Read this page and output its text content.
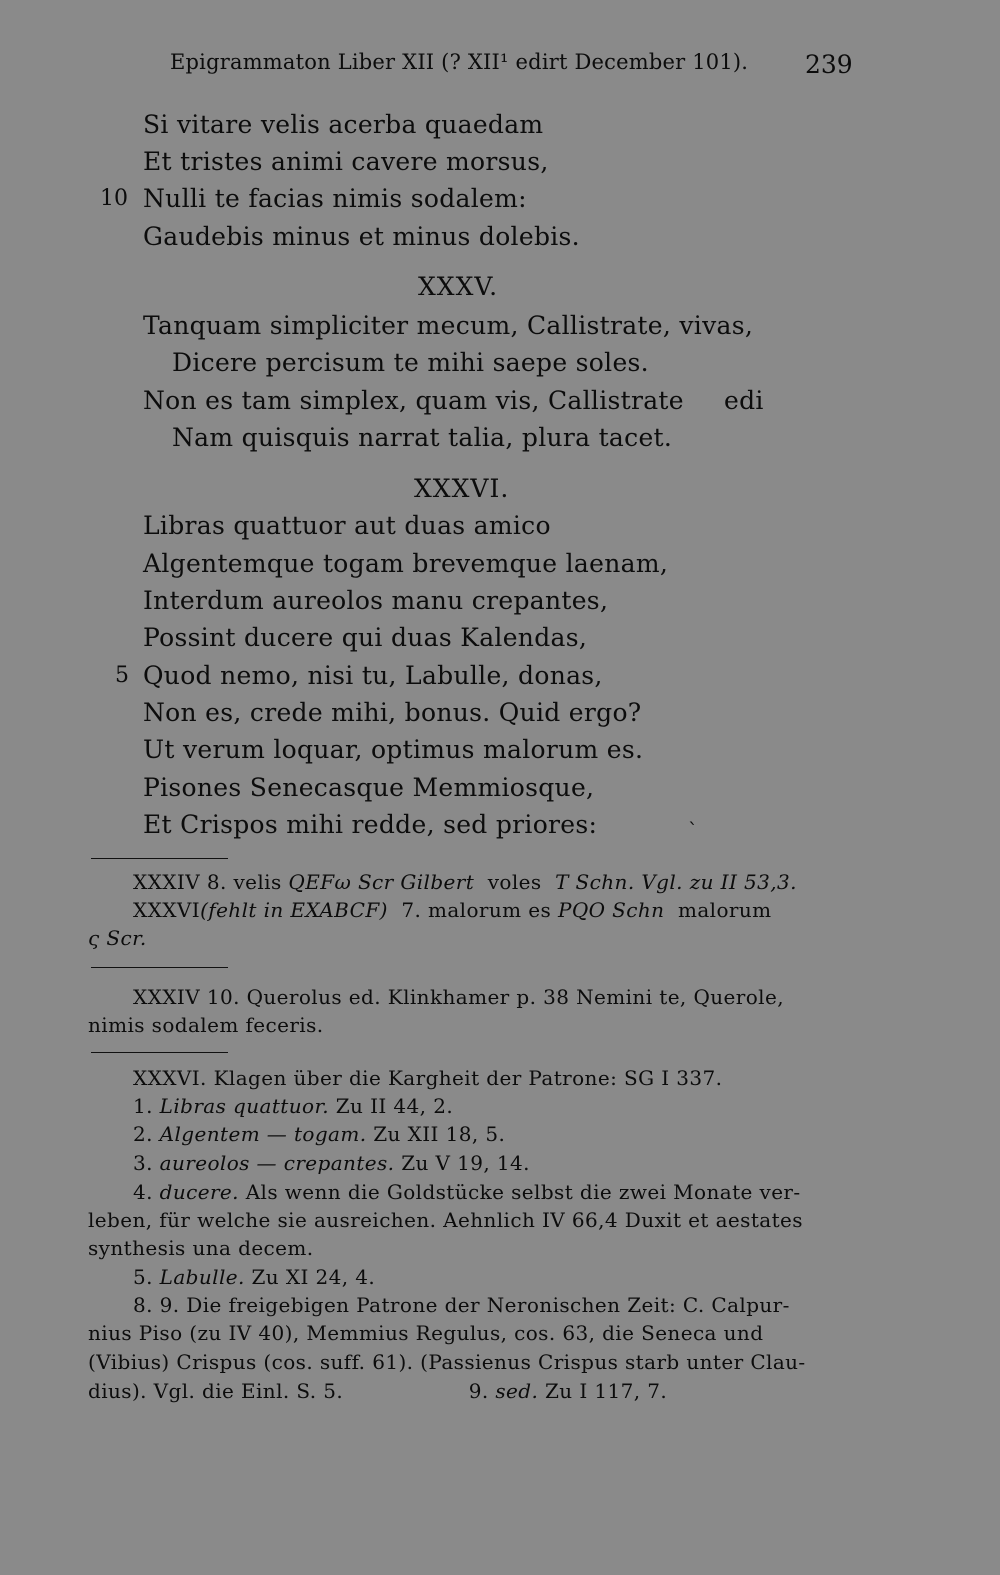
Epigrammaton Liber XII (? XII¹ edirt December 101). 239
Si vitare velis acerba quaedam
Et tristes animi cavere morsus,
10 Nulli te facias nimis sodalem:
Gaudebis minus et minus dolebis.
XXXV.
Tanquam simpliciter mecum, Callistrate, vivas,
Dicere percisum te mihi saepe soles.
Non es tam simplex, quam vis, Callistrate edi
Nam quisquis narrat talia, plura tacet.
XXXVI.
Libras quattuor aut duas amico
Algentemque togam brevemque laenam,
Interdum aureolos manu crepantes,
Possint ducere qui duas Kalendas,
5 Quod nemo, nisi tu, Labulle, donas,
Non es, crede mihi, bonus. Quid ergo?
Ut verum loquar, optimus malorum es.
Pisones Senecasque Memmiosque,
Et Crispos mihi redde, sed priores:
XXXIV 8. velis QEFω Scr Gilbert voles T Schn. Vgl. zu II 53,3.
XXXVI(fehlt in EXABCF) 7. malorum es PQO Schn malorum
ς Scr.
XXXIV 10. Querolus ed. Klinkhamer p. 38 Nemini te, Querole,
nimis sodalem feceris.
XXXVI. Klagen über die Kargheit der Patrone: SG I 337.
1. Libras quattuor. Zu II 44, 2.
2. Algentem — togam. Zu XII 18, 5.
3. aureolos — crepantes. Zu V 19, 14.
4. ducere. Als wenn die Goldstücke selbst die zwei Monate ver-
leben, für welche sie ausreichen. Aehnlich IV 66,4 Duxit et aestates
synthesis una decem.
5. Labulle. Zu XI 24, 4.
8. 9. Die freigebigen Patrone der Neronischen Zeit: C. Calpur-
nius Piso (zu IV 40), Memmius Regulus, cos. 63, die Seneca und
(Vibius) Crispus (cos. suff. 61). (Passienus Crispus starb unter Clau-
dius). Vgl. die Einl. S. 5.	9. sed. Zu I 117, 7.
ˋ
